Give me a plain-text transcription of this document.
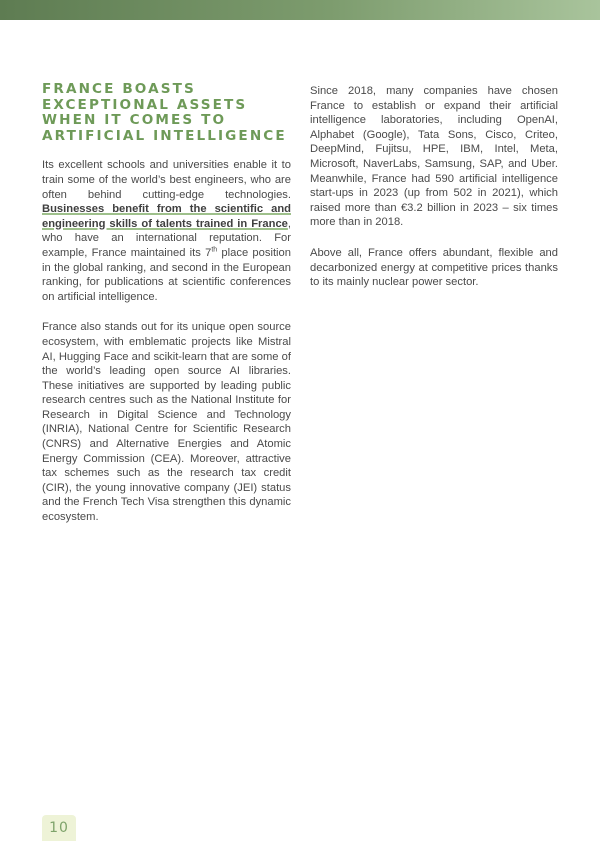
FRANCE BOASTS
EXCEPTIONAL ASSETS
WHEN IT COMES TO
ARTIFICIAL INTELLIGENCE

Its excellent schools and universities enable it to train some of the world’s best engineers, who are often behind cutting-edge technologies. Businesses benefit from the scientific and engineering skills of talents trained in France, who have an international reputation. For example, France maintained its 7th place position in the global ranking, and second in the European ranking, for publications at scientific conferences on artificial intelligence.

France also stands out for its unique open source ecosystem, with emblematic projects like Mistral AI, Hugging Face and scikit-learn that are some of the world’s leading open source AI libraries. These initiatives are supported by leading public research centres such as the National Institute for Research in Digital Science and Technology (INRIA), National Centre for Scientific Research (CNRS) and Alternative Energies and Atomic Energy Commission (CEA). Moreover, attractive tax schemes such as the research tax credit (CIR), the young innovative company (JEI) status and the French Tech Visa strengthen this dynamic ecosystem.

Since 2018, many companies have chosen France to establish or expand their artificial intelligence laboratories, including OpenAI, Alphabet (Google), Tata Sons, Cisco, Criteo, DeepMind, Fujitsu, HPE, IBM, Intel, Meta, Microsoft, NaverLabs, Samsung, SAP, and Uber. Meanwhile, France had 590 artificial intelligence start-ups in 2023 (up from 502 in 2021), which raised more than €3.2 billion in 2023 – six times more than in 2018.

Above all, France offers abundant, flexible and decarbonized energy at competitive prices thanks to its mainly nuclear power sector.

10
